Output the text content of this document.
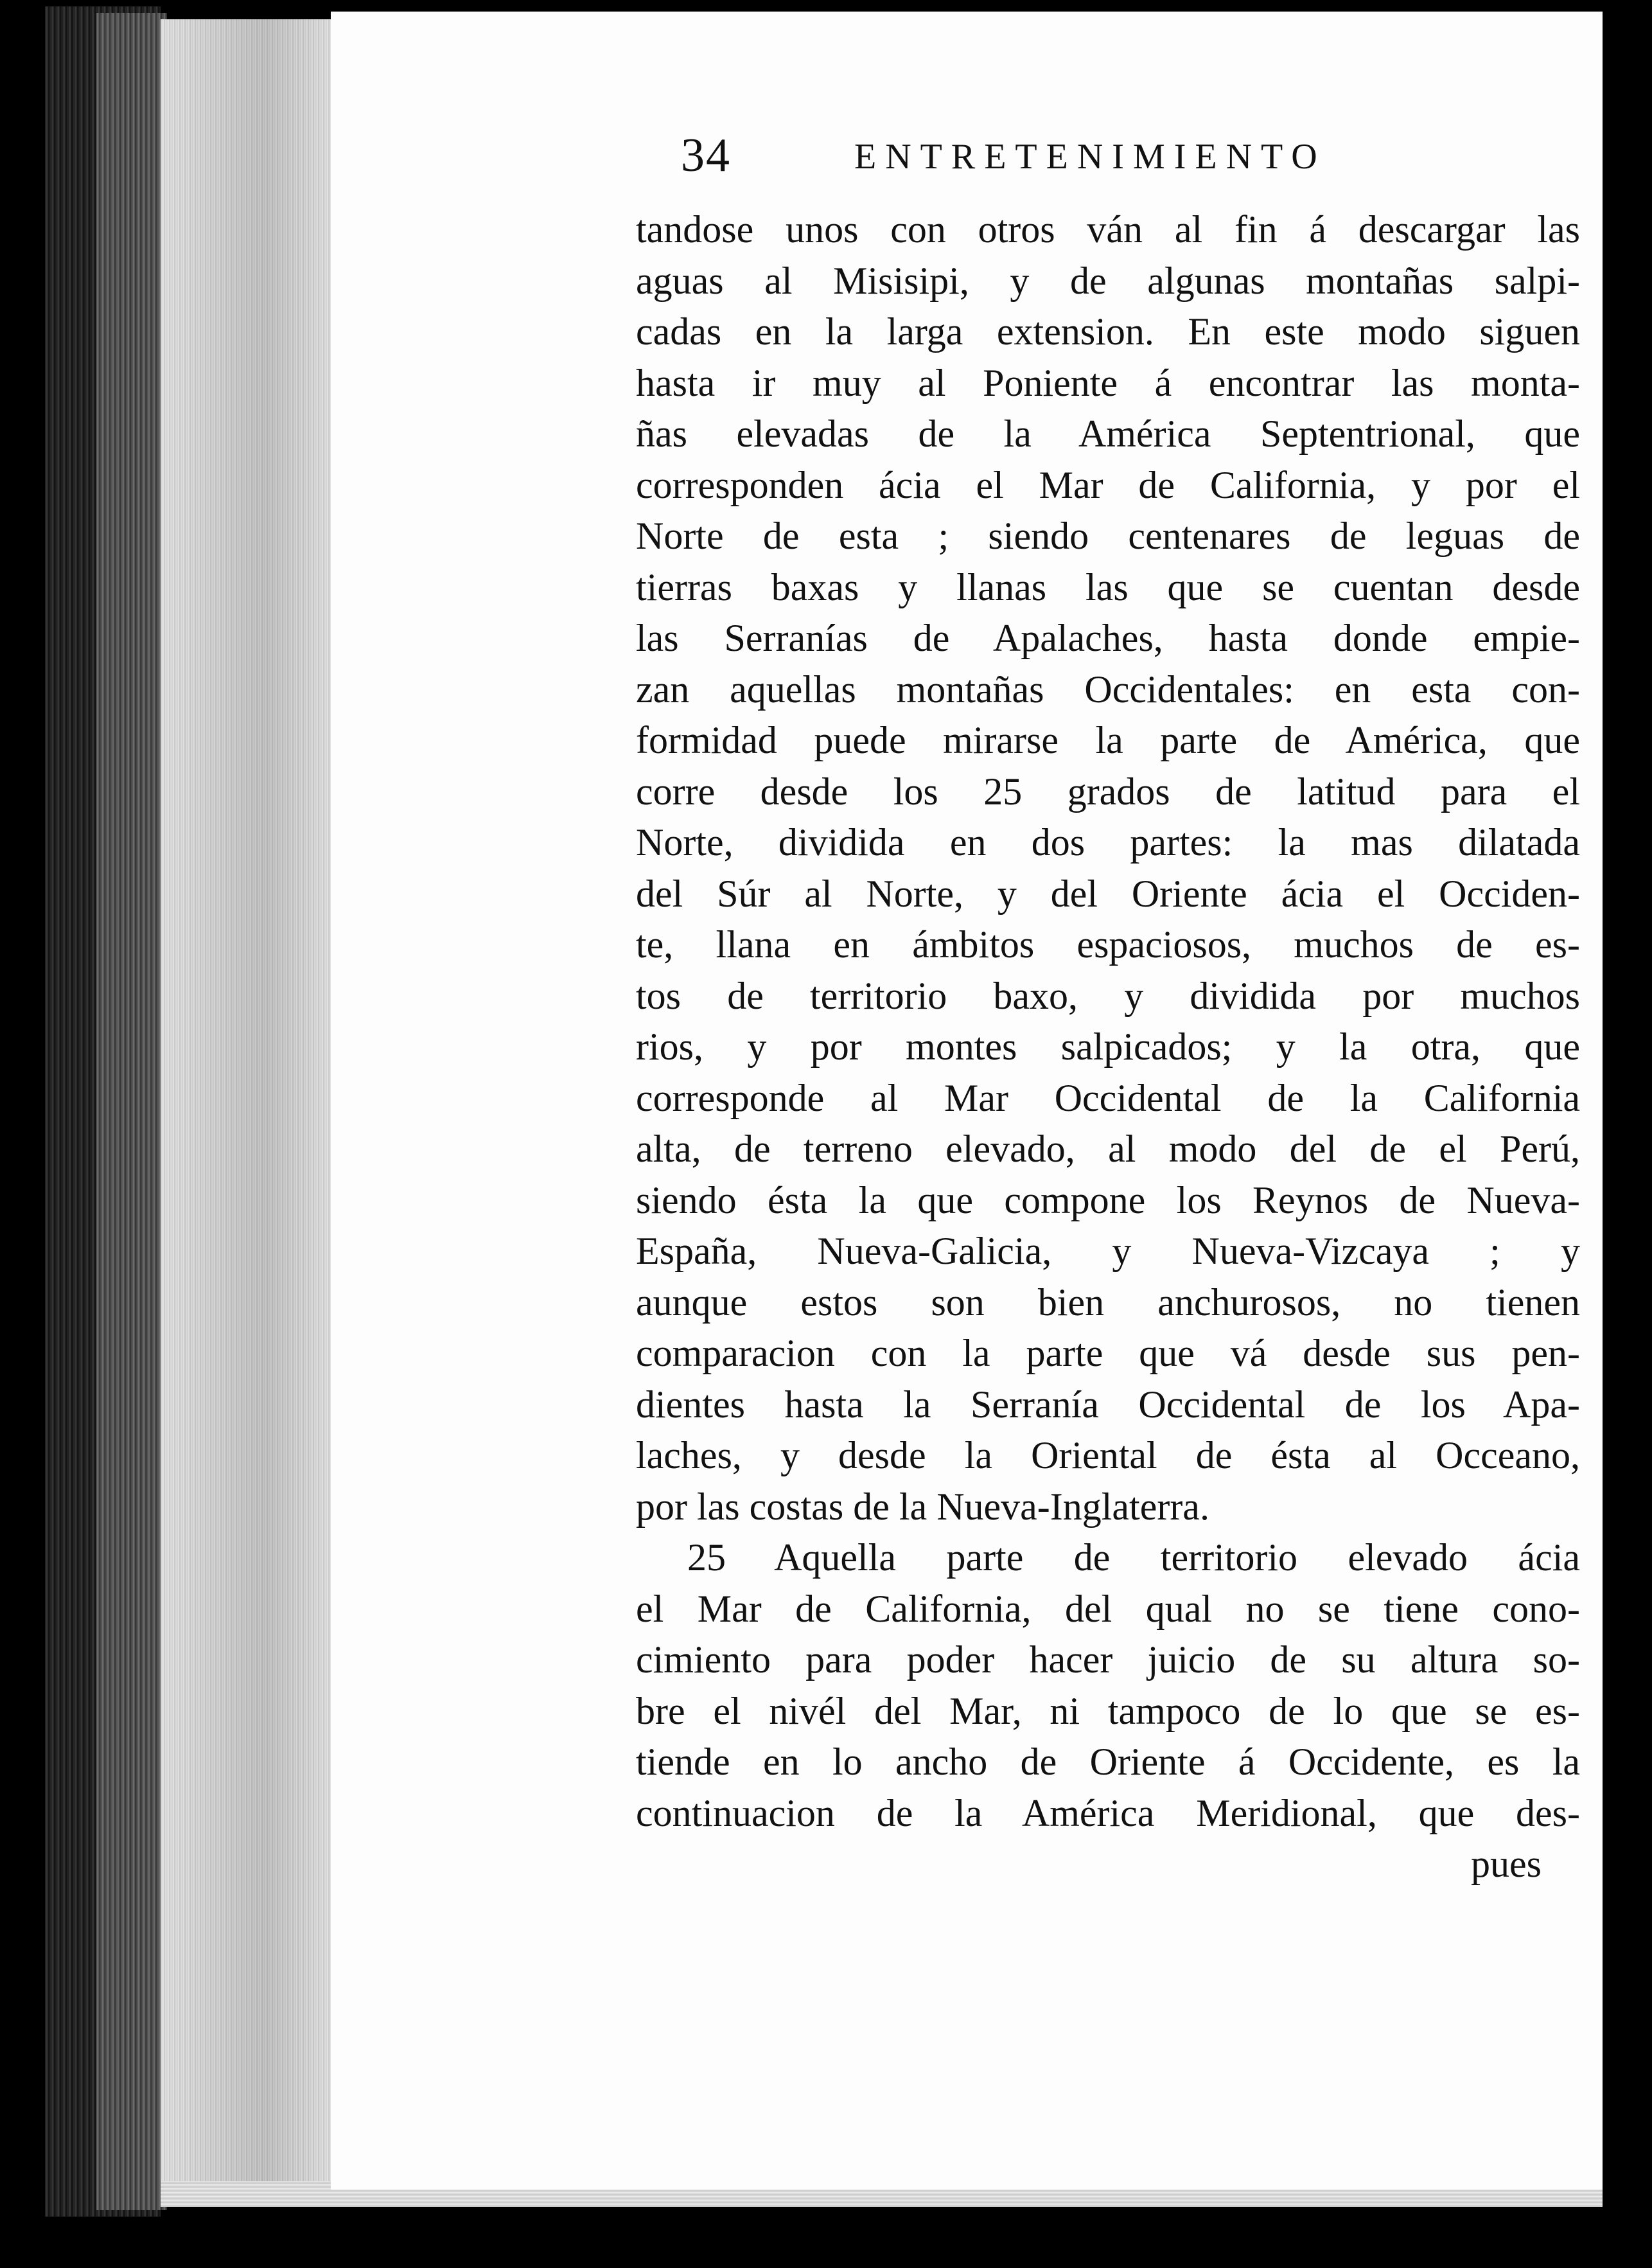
34	ENTRETENIMIENTO
tandose unos con otros ván al fin á descargar las
aguas al Misisipi, y de algunas montañas salpi-
cadas en la larga extension. En este modo siguen
hasta ir muy al Poniente á encontrar las monta-
ñas elevadas de la América Septentrional, que
corresponden ácia el Mar de California, y por el
Norte de esta ; siendo centenares de leguas de
tierras baxas y llanas las que se cuentan desde
las Serranías de Apalaches, hasta donde empie-
zan aquellas montañas Occidentales: en esta con-
formidad puede mirarse la parte de América, que
corre desde los 25 grados de latitud para el
Norte, dividida en dos partes: la mas dilatada
del Súr al Norte, y del Oriente ácia el Occiden-
te, llana en ámbitos espaciosos, muchos de es-
tos de territorio baxo, y dividida por muchos
rios, y por montes salpicados; y la otra, que
corresponde al Mar Occidental de la California
alta, de terreno elevado, al modo del de el Perú,
siendo ésta la que compone los Reynos de Nueva-
España, Nueva-Galicia, y Nueva-Vizcaya ; y
aunque estos son bien anchurosos, no tienen
comparacion con la parte que vá desde sus pen-
dientes hasta la Serranía Occidental de los Apa-
laches, y desde la Oriental de ésta al Occeano,
por las costas de la Nueva-Inglaterra.
25 Aquella parte de territorio elevado ácia
el Mar de California, del qual no se tiene cono-
cimiento para poder hacer juicio de su altura so-
bre el nivél del Mar, ni tampoco de lo que se es-
tiende en lo ancho de Oriente á Occidente, es la
continuacion de la América Meridional, que des-
pues
